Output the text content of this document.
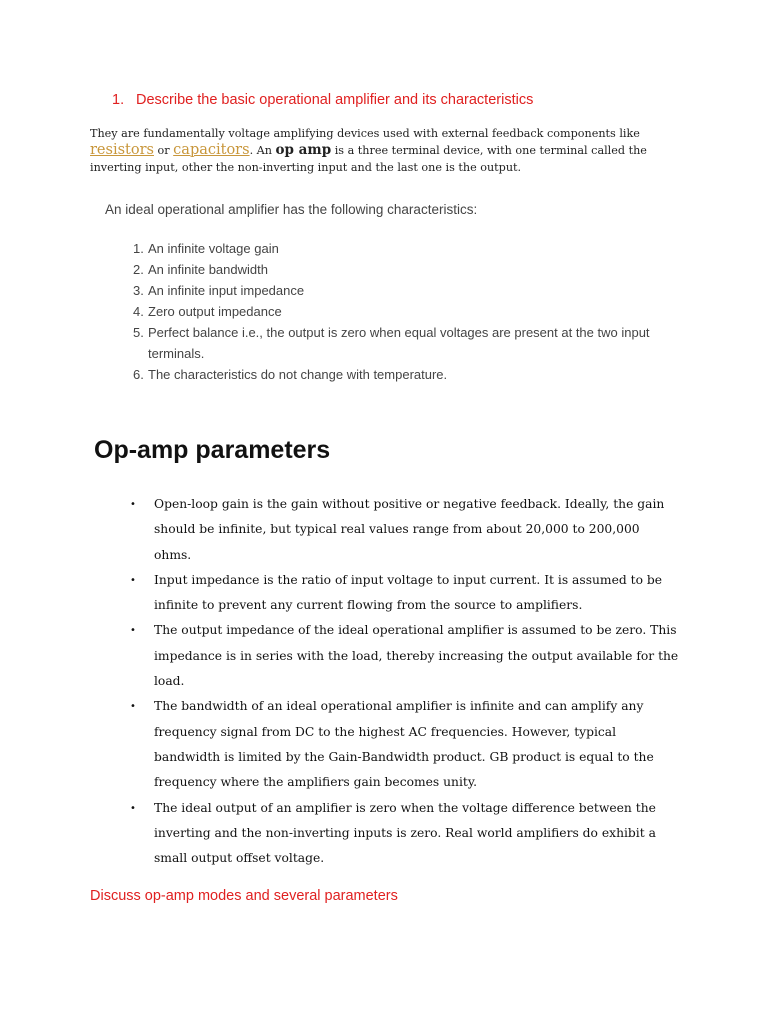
1. Describe the basic operational amplifier and its characteristics

They are fundamentally voltage amplifying devices used with external feedback components like resistors or capacitors. An op amp is a three terminal device, with one terminal called the inverting input, other the non-inverting input and the last one is the output.

An ideal operational amplifier has the following characteristics:
1. An infinite voltage gain
2. An infinite bandwidth
3. An infinite input impedance
4. Zero output impedance
5. Perfect balance i.e., the output is zero when equal voltages are present at the two input terminals.
6. The characteristics do not change with temperature.
Op-amp parameters
•	Open-loop gain is the gain without positive or negative feedback. Ideally, the gain should be infinite, but typical real values range from about 20,000 to 200,000 ohms.
•	Input impedance is the ratio of input voltage to input current. It is assumed to be infinite to prevent any current flowing from the source to amplifiers.
•	The output impedance of the ideal operational amplifier is assumed to be zero. This impedance is in series with the load, thereby increasing the output available for the load.
•	The bandwidth of an ideal operational amplifier is infinite and can amplify any frequency signal from DC to the highest AC frequencies. However, typical bandwidth is limited by the Gain-Bandwidth product. GB product is equal to the frequency where the amplifiers gain becomes unity.
•	The ideal output of an amplifier is zero when the voltage difference between the inverting and the non-inverting inputs is zero. Real world amplifiers do exhibit a small output offset voltage.
Discuss op-amp modes and several parameters
